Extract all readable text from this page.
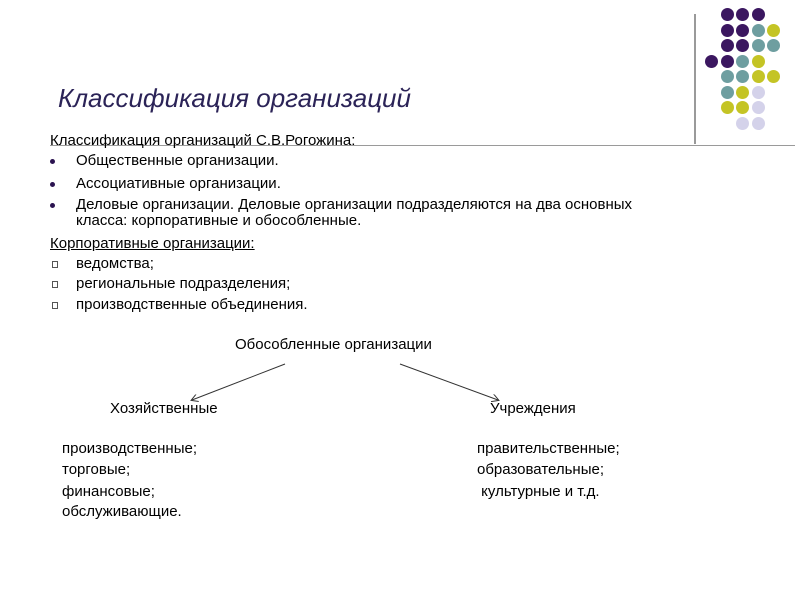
Классификация организаций
Классификация организаций С.В.Рогожина:
Общественные организации.
Ассоциативные организации.
Деловые организации. Деловые организации подразделяются на два основных
класса: корпоративные и обособленные.
Корпоративные организации:
ведомства;
региональные подразделения;
производственные объединения.
Обособленные организации
Хозяйственные	Учреждения
производственные;
торговые;
финансовые;
обслуживающие.
правительственные;
образовательные;
культурные и т.д.
